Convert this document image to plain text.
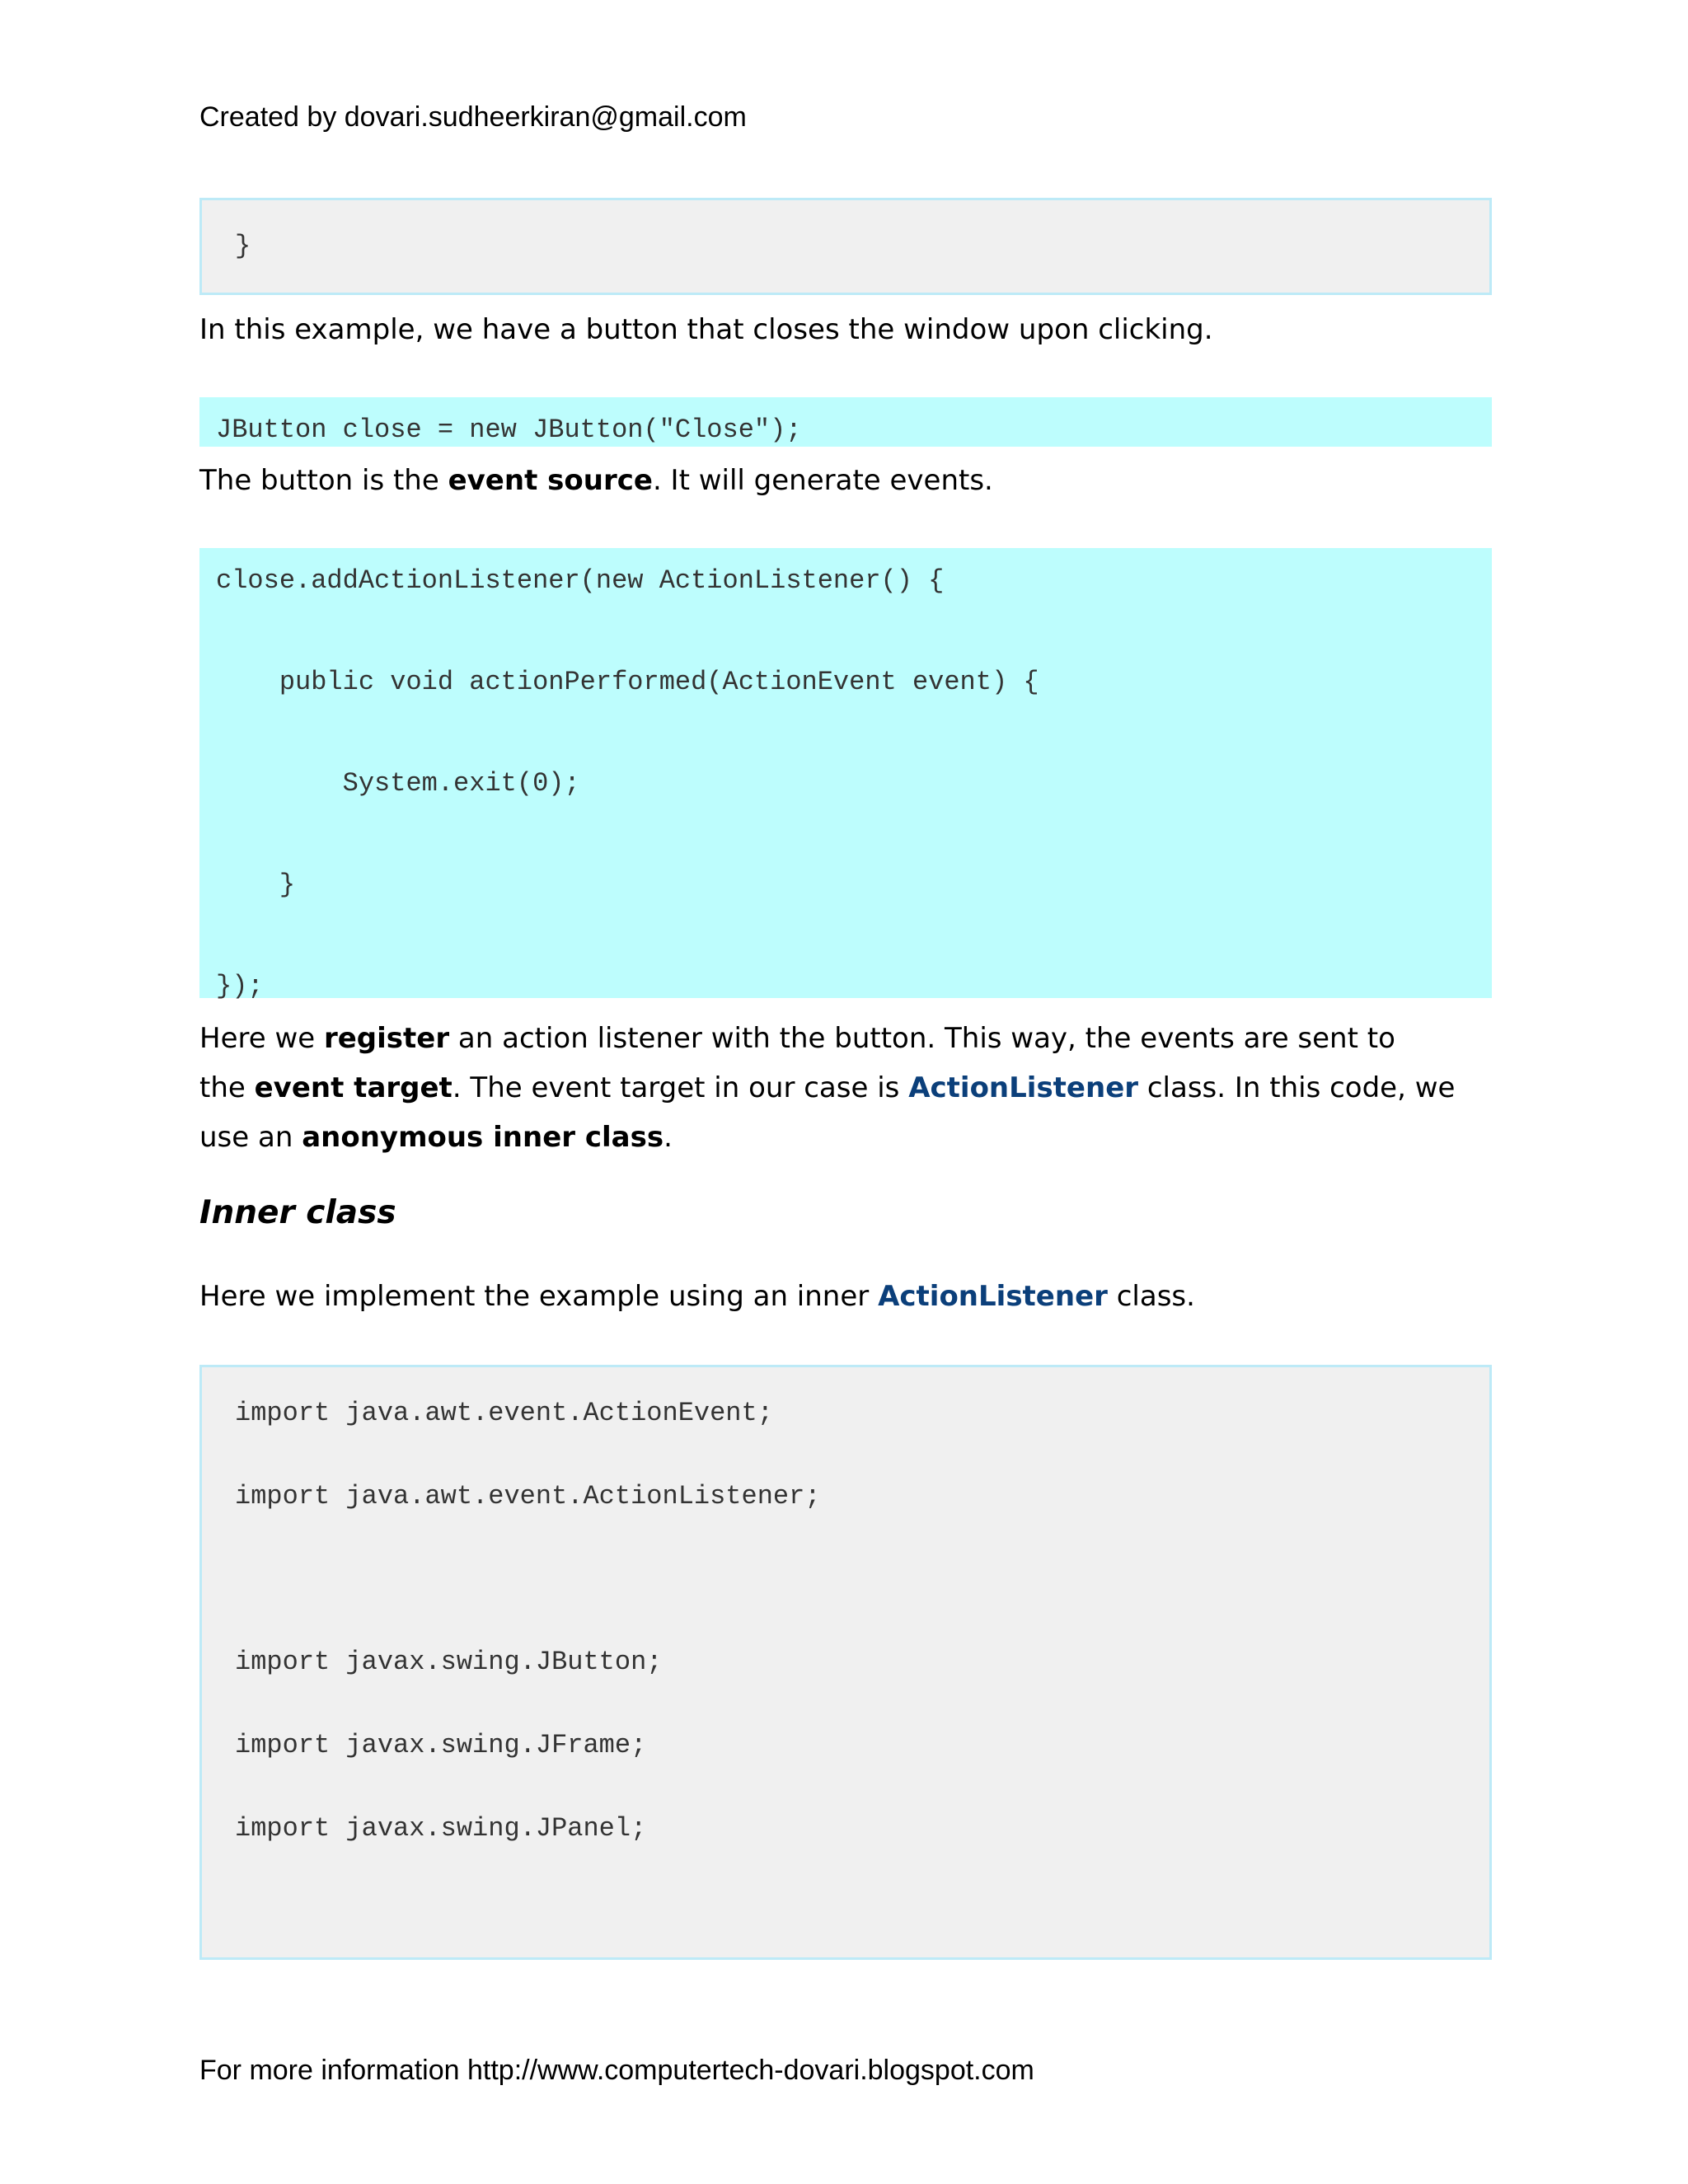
Created by dovari.sudheerkiran@gmail.com
}
In this example, we have a button that closes the window upon clicking.
JButton close = new JButton("Close");
The button is the event source. It will generate events.
close.addActionListener(new ActionListener() {
public void actionPerformed(ActionEvent event) {
System.exit(0);
}
});
Here we register an action listener with the button. This way, the events are sent to
the event target. The event target in our case is ActionListener class. In this code, we
use an anonymous inner class.
Inner class
Here we implement the example using an inner ActionListener class.
import java.awt.event.ActionEvent;
import java.awt.event.ActionListener;
import javax.swing.JButton;
import javax.swing.JFrame;
import javax.swing.JPanel;
For more information http://www.computertech-dovari.blogspot.com
